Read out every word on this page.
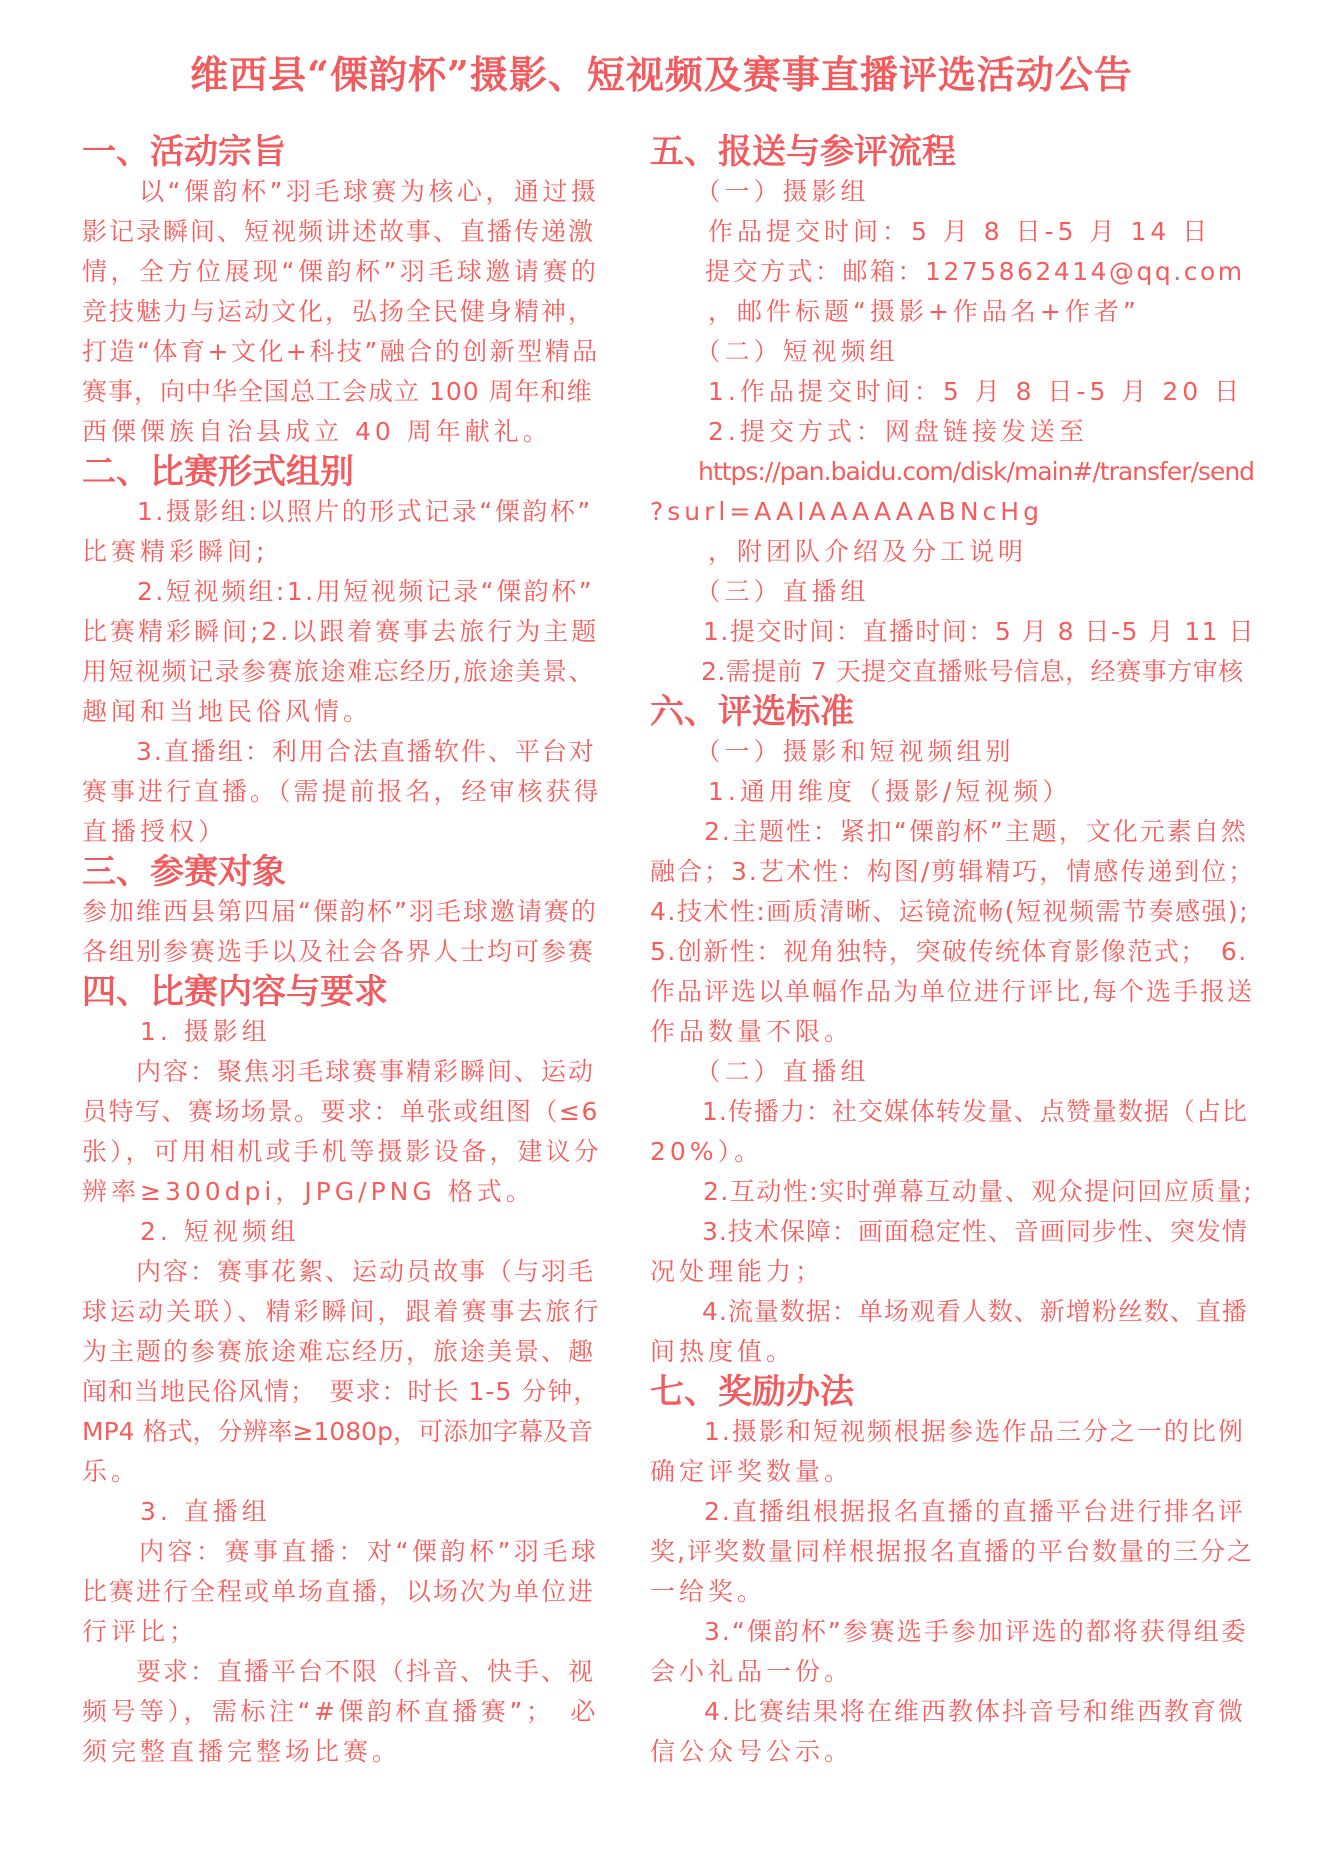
维西县“傈韵杯”摄影、短视频及赛事直播评选活动公告
一、活动宗旨
　　以“傈韵杯”羽毛球赛为核心，通过摄
影记录瞬间、短视频讲述故事、直播传递激
情，全方位展现“傈韵杯”羽毛球邀请赛的
竞技魅力与运动文化，弘扬全民健身精神，
打造“体育+文化+科技”融合的创新型精品
赛事，向中华全国总工会成立 100 周年和维
西傈傈族自治县成立 40 周年献礼。
二、比赛形式组别
　　1.摄影组:以照片的形式记录“傈韵杯”
比赛精彩瞬间;
　　2.短视频组:1.用短视频记录“傈韵杯”
比赛精彩瞬间;2.以跟着赛事去旅行为主题
用短视频记录参赛旅途难忘经历,旅途美景、
趣闻和当地民俗风情。
　　3.直播组：利用合法直播软件、平台对
赛事进行直播。（需提前报名，经审核获得
直播授权）
三、参赛对象
参加维西县第四届“傈韵杯”羽毛球邀请赛的
各组别参赛选手以及社会各界人士均可参赛
四、比赛内容与要求
　　1. 摄影组
　　内容：聚焦羽毛球赛事精彩瞬间、运动
员特写、赛场场景。要求：单张或组图（≤6
张），可用相机或手机等摄影设备，建议分
辨率≥300dpi，JPG/PNG 格式。
　　2. 短视频组
　　内容：赛事花絮、运动员故事（与羽毛
球运动关联）、精彩瞬间，跟着赛事去旅行
为主题的参赛旅途难忘经历，旅途美景、趣
闻和当地民俗风情；　要求：时长 1-5 分钟，
MP4 格式，分辨率≥1080p，可添加字幕及音
乐。
　　3. 直播组
　　内容：赛事直播：对“傈韵杯”羽毛球
比赛进行全程或单场直播，以场次为单位进
行评比；
　　要求：直播平台不限（抖音、快手、视
频号等），需标注“#傈韵杯直播赛”；　必
须完整直播完整场比赛。
五、报送与参评流程
　　（一）摄影组
　　作品提交时间：5 月 8 日-5 月 14 日
　　提交方式：邮箱：1275862414@qq.com
　　，邮件标题“摄影+作品名+作者”
　　（二）短视频组
　　1.作品提交时间：5 月 8 日-5 月 20 日
　　2.提交方式：网盘链接发送至
　　https://pan.baidu.com/disk/main#/transfer/send
?surl=AAIAAAAAABNcHg
　　，附团队介绍及分工说明
　　（三）直播组
　　1.提交时间：直播时间：5 月 8 日-5 月 11 日
　　2.需提前 7 天提交直播账号信息，经赛事方审核
六、评选标准
　　（一）摄影和短视频组别
　　1.通用维度（摄影/短视频）
　　2.主题性：紧扣“傈韵杯”主题，文化元素自然
融合；3.艺术性：构图/剪辑精巧，情感传递到位；
4.技术性:画质清晰、运镜流畅(短视频需节奏感强);
5.创新性：视角独特，突破传统体育影像范式；　6.
作品评选以单幅作品为单位进行评比,每个选手报送
作品数量不限。
　　（二）直播组
　　1.传播力：社交媒体转发量、点赞量数据（占比
20%）。
　　2.互动性:实时弹幕互动量、观众提问回应质量;
　　3.技术保障：画面稳定性、音画同步性、突发情
况处理能力；
　　4.流量数据：单场观看人数、新增粉丝数、直播
间热度值。
七、奖励办法
　　1.摄影和短视频根据参选作品三分之一的比例
确定评奖数量。
　　2.直播组根据报名直播的直播平台进行排名评
奖,评奖数量同样根据报名直播的平台数量的三分之
一给奖。
　　3.“傈韵杯”参赛选手参加评选的都将获得组委
会小礼品一份。
　　4.比赛结果将在维西教体抖音号和维西教育微
信公众号公示。
